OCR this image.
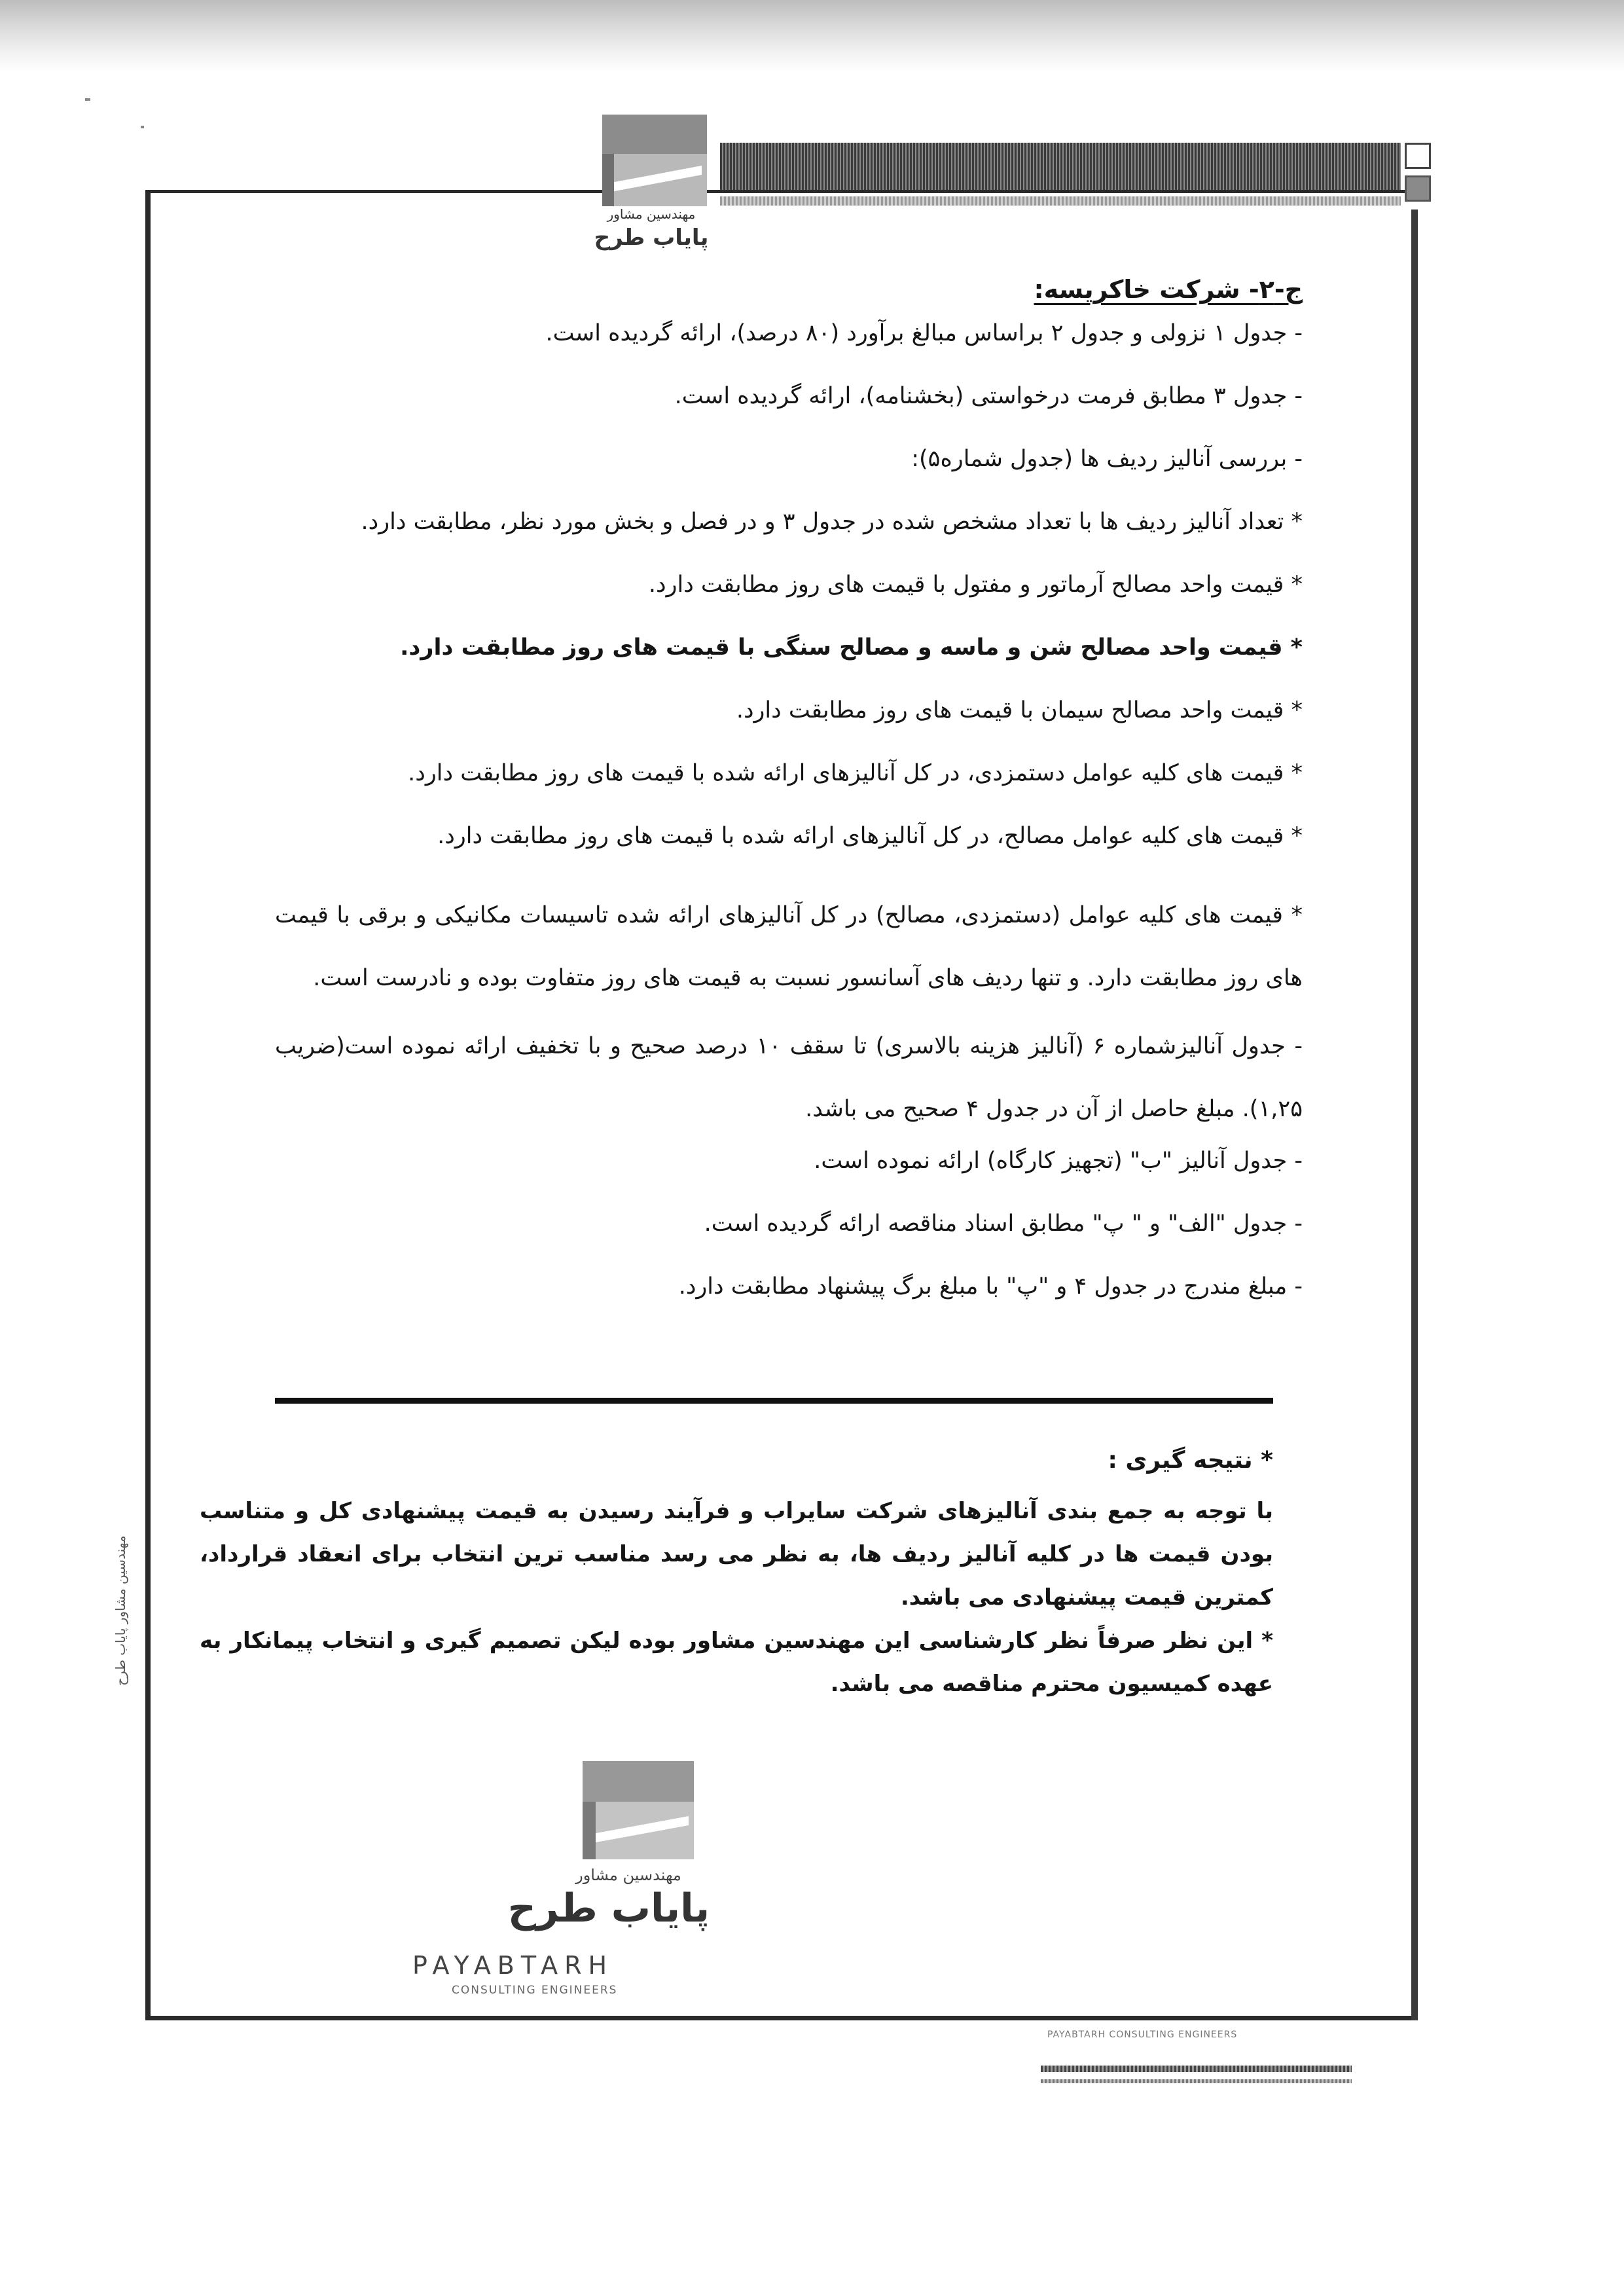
مهندسین مشاور
پایاب طرح
ج-۲- شرکت خاکریسه:
- جدول ۱ نزولی و جدول ۲ براساس مبالغ برآورد (۸۰ درصد)، ارائه گردیده است.
- جدول ۳ مطابق فرمت درخواستی (بخشنامه)، ارائه گردیده است.
- بررسی آنالیز ردیف ها (جدول شماره۵):
* تعداد آنالیز ردیف ها با تعداد مشخص شده در جدول ۳ و در فصل و بخش مورد نظر، مطابقت دارد.
* قیمت واحد مصالح آرماتور و مفتول با قیمت های روز مطابقت دارد.
* قیمت واحد مصالح شن و ماسه و مصالح سنگی با قیمت های روز مطابقت دارد.
* قیمت واحد مصالح سیمان با قیمت های روز مطابقت دارد.
* قیمت های کلیه عوامل دستمزدی، در کل آنالیزهای ارائه شده با قیمت های روز مطابقت دارد.
* قیمت های کلیه عوامل مصالح، در کل آنالیزهای ارائه شده با قیمت های روز مطابقت دارد.
* قیمت های کلیه عوامل (دستمزدی، مصالح) در کل آنالیزهای ارائه شده تاسیسات مکانیکی و برقی با قیمت های روز مطابقت دارد. و تنها ردیف های آسانسور نسبت به قیمت های روز متفاوت بوده و نادرست است.
- جدول آنالیزشماره ۶ (آنالیز هزینه بالاسری) تا سقف ۱۰ درصد صحیح و با تخفیف ارائه نموده است(ضریب ۱,۲۵). مبلغ حاصل از آن در جدول ۴ صحیح می باشد.
- جدول آنالیز "ب" (تجهیز کارگاه) ارائه نموده است.
- جدول "الف" و " پ" مطابق اسناد مناقصه ارائه گردیده است.
- مبلغ مندرج در جدول ۴ و "پ" با مبلغ برگ پیشنهاد مطابقت دارد.
* نتیجه گیری :

با توجه به جمع بندی آنالیزهای شرکت سایراب و فرآیند رسیدن به قیمت پیشنهادی کل و متناسب بودن قیمت ها در کلیه آنالیز ردیف ها، به نظر می رسد مناسب ترین انتخاب برای انعقاد قرارداد، کمترین قیمت پیشنهادی می باشد.

* این نظر صرفاً نظر کارشناسی این مهندسین مشاور بوده لیکن تصمیم گیری و انتخاب پیمانکار به عهده کمیسیون محترم مناقصه می باشد.

مهندسین مشاور پایاب طرح
مهندسین مشاور
پایاب طرح
PAYABTARH
CONSULTING ENGINEERS
PAYABTARH CONSULTING ENGINEERS
